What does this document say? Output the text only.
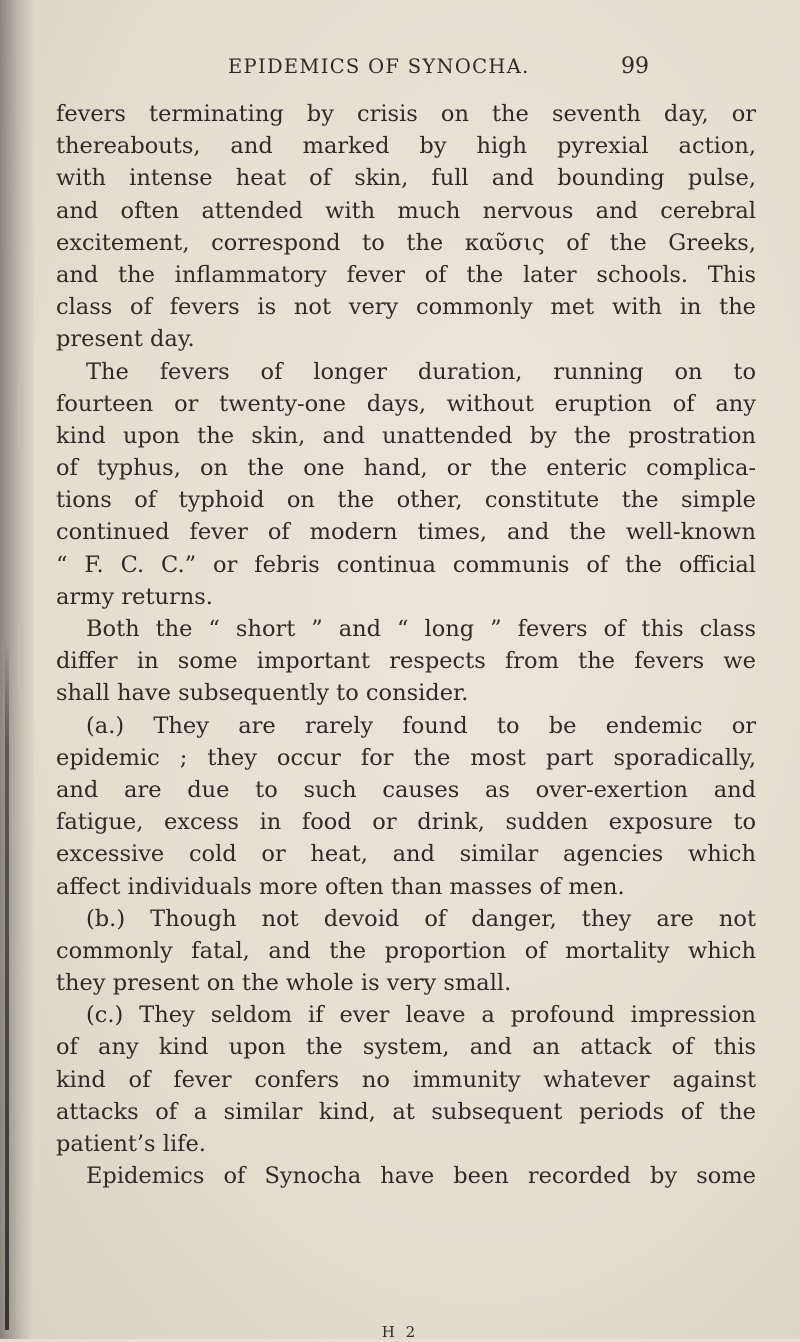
EPIDEMICS OF SYNOCHA.	99
fevers terminating by crisis on the seventh day, or
thereabouts, and marked by high pyrexial action,
with intense heat of skin, full and bounding pulse,
and often attended with much nervous and cerebral
excitement, correspond to the καῦσις of the Greeks,
and the inflammatory fever of the later schools. This
class of fevers is not very commonly met with in the
present day.
The fevers of longer duration, running on to
fourteen or twenty-one days, without eruption of any
kind upon the skin, and unattended by the prostration
of typhus, on the one hand, or the enteric complica-
tions of typhoid on the other, constitute the simple
continued fever of modern times, and the well-known
“ F. C. C.” or febris continua communis of the official
army returns.
Both the “ short ” and “ long ” fevers of this class
differ in some important respects from the fevers we
shall have subsequently to consider.
(a.) They are rarely found to be endemic or
epidemic ; they occur for the most part sporadically,
and are due to such causes as over-exertion and
fatigue, excess in food or drink, sudden exposure to
excessive cold or heat, and similar agencies which
affect individuals more often than masses of men.
(b.) Though not devoid of danger, they are not
commonly fatal, and the proportion of mortality which
they present on the whole is very small.
(c.) They seldom if ever leave a profound impression
of any kind upon the system, and an attack of this
kind of fever confers no immunity whatever against
attacks of a similar kind, at subsequent periods of the
patient’s life.
Epidemics of Synocha have been recorded by some
H 2
